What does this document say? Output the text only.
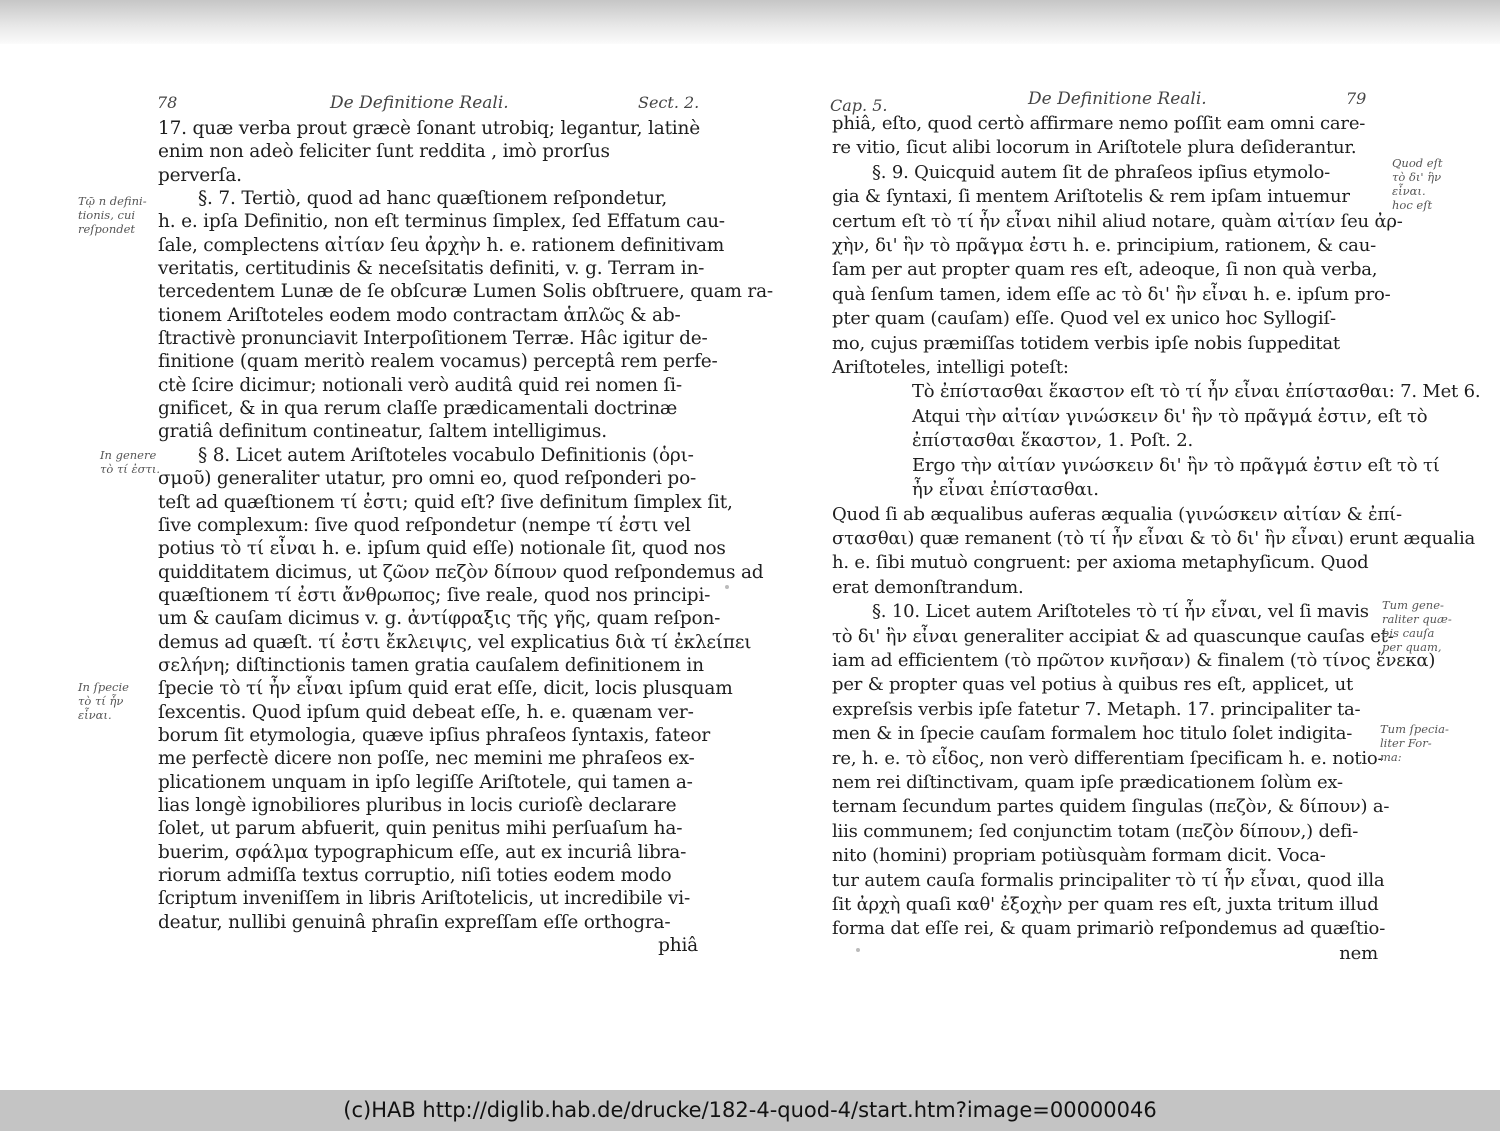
78	De Definitione Reali.	Sect. 2.
17. quæ verba prout græcè ſonant utrobiq; legantur, latinè
enim non adeò feliciter ſunt reddita , imò prorſus
perverſa.
§. 7. Tertiò, quod ad hanc quæſtionem reſpondetur,
h. e. ipſa Definitio, non eſt terminus ſimplex, ſed Effatum cau-
ſale, complectens αἰτίαν ſeu ἀρχὴν h. e. rationem definitivam
veritatis, certitudinis & neceſsitatis definiti, v. g. Terram in-
tercedentem Lunæ de ſe obſcuræ Lumen Solis obſtruere, quam ra-
tionem Ariſtoteles eodem modo contractam ἁπλῶς & ab-
ſtractivè pronunciavit Interpoſitionem Terræ. Hâc igitur de-
finitione (quam meritò realem vocamus) perceptâ rem perfe-
ctè ſcire dicimur; notionali verò auditâ quid rei nomen ſi-
gnificet, & in qua rerum claſſe prædicamentali doctrinæ
gratiâ definitum contineatur, ſaltem intelligimus.
§ 8. Licet autem Ariſtoteles vocabulo Definitionis (ὁρι-
σμοῦ) generaliter utatur, pro omni eo, quod reſponderi po-
teſt ad quæſtionem τί ἐστι; quid eſt? ſive definitum ſimplex ſit,
ſive complexum: ſive quod reſpondetur (nempe τί ἐστι vel
potius τὸ τί εἶναι h. e. ipſum quid eſſe) notionale ſit, quod nos
quidditatem dicimus, ut ζῶον πεζὸν δίπουν quod reſpondemus ad
quæſtionem τί ἐστι ἄνθρωπος; ſive reale, quod nos principi-
um & cauſam dicimus v. g. ἀντίφραξις τῆς γῆς, quam reſpon-
demus ad quæſt. τί ἐστι ἔκλειψις, vel explicatius διὰ τί ἐκλείπει
σελήνη; diſtinctionis tamen gratia cauſalem definitionem in
ſpecie τὸ τί ἦν εἶναι ipſum quid erat eſſe, dicit, locis plusquam
ſexcentis. Quod ipſum quid debeat eſſe, h. e. quænam ver-
borum ſit etymologia, quæve ipſius phraſeos ſyntaxis, fateor
me perfectè dicere non poſſe, nec memini me phraſeos ex-
plicationem unquam in ipſo legiſſe Ariſtotele, qui tamen a-
lias longè ignobiliores pluribus in locis curioſè declarare
ſolet, ut parum abfuerit, quin penitus mihi perſuaſum ha-
buerim, σφάλμα typographicum eſſe, aut ex incuriâ libra-
riorum admiſſa textus corruptio, niſi toties eodem modo
ſcriptum inveniſſem in libris Ariſtotelicis, ut incredibile vi-
deatur, nullibi genuinâ phraſin expreſſam eſſe orthogra-
phiâ
Τῷ n defini-
tionis, cui
reſpondet
In genere
τὸ τί ἐστι.
In ſpecie
τὸ τί ἦν
εἶναι.
Cap. 5.	De Definitione Reali.	79
phiâ, eſto, quod certò affirmare nemo poſſit eam omni care-
re vitio, ſicut alibi locorum in Ariſtotele plura deſiderantur.
§. 9. Quicquid autem ſit de phraſeos ipſius etymolo-
gia & ſyntaxi, ſi mentem Ariſtotelis & rem ipſam intuemur
certum eſt τὸ τί ἦν εἶναι nihil aliud notare, quàm αἰτίαν ſeu ἀρ-
χὴν, δι' ἣν τὸ πρᾶγμα ἐστι h. e. principium, rationem, & cau-
ſam per aut propter quam res eſt, adeoque, ſi non quà verba,
quà ſenſum tamen, idem eſſe ac τὸ δι' ἣν εἶναι h. e. ipſum pro-
pter quam (cauſam) eſſe. Quod vel ex unico hoc Syllogiſ-
mo, cujus præmiſſas totidem verbis ipſe nobis ſuppeditat
Ariſtoteles, intelligi poteſt:
Τὸ ἐπίστασθαι ἕκαστον eſt τὸ τί ἦν εἶναι ἐπίστασθαι: 7. Met 6.
Atqui τὴν αἰτίαν γινώσκειν δι' ἣν τὸ πρᾶγμά ἐστιν, eſt τὸ
ἐπίστασθαι ἕκαστον, 1. Poſt. 2.
Ergo τὴν αἰτίαν γινώσκειν δι' ἣν τὸ πρᾶγμά ἐστιν eſt τὸ τί
ἦν εἶναι ἐπίστασθαι.
Quod ſi ab æqualibus auferas æqualia (γινώσκειν αἰτίαν & ἐπί-
στασθαι) quæ remanent (τὸ τί ἦν εἶναι & τὸ δι' ἣν εἶναι) erunt æqualia
h. e. ſibi mutuò congruent: per axioma metaphyſicum. Quod
erat demonſtrandum.
§. 10. Licet autem Ariſtoteles τὸ τί ἦν εἶναι, vel ſi mavis
τὸ δι' ἣν εἶναι generaliter accipiat & ad quascunque cauſas et-
iam ad efficientem (τὸ πρῶτον κινῆσαν) & finalem (τὸ τίνος ἕνεκα)
per & propter quas vel potius à quibus res eſt, applicet, ut
expreſsis verbis ipſe fatetur 7. Metaph. 17. principaliter ta-
men & in ſpecie cauſam formalem hoc titulo ſolet indigita-
re, h. e. τὸ εἶδος, non verò differentiam ſpecificam h. e. notio-
nem rei diſtinctivam, quam ipſe prædicationem ſolùm ex-
ternam ſecundum partes quidem ſingulas (πεζὸν, & δίπουν) a-
liis communem; ſed conjunctim totam (πεζὸν δίπουν,) defi-
nito (homini) propriam potiùsquàm formam dicit. Voca-
tur autem cauſa formalis principaliter τὸ τί ἦν εἶναι, quod illa
ſit ἀρχὴ quaſi καθ' ἐξοχὴν per quam res eſt, juxta tritum illud
forma dat eſſe rei, & quam primariò reſpondemus ad quæſtio-
nem
Quod eſt
τὸ δι' ἣν
εἶναι.
hoc eſt
Tum gene-
raliter quæ-
bis cauſa
per quam,
Tum ſpecia-
liter For-
ma:
(c)HAB http://diglib.hab.de/drucke/182-4-quod-4/start.htm?image=00000046
